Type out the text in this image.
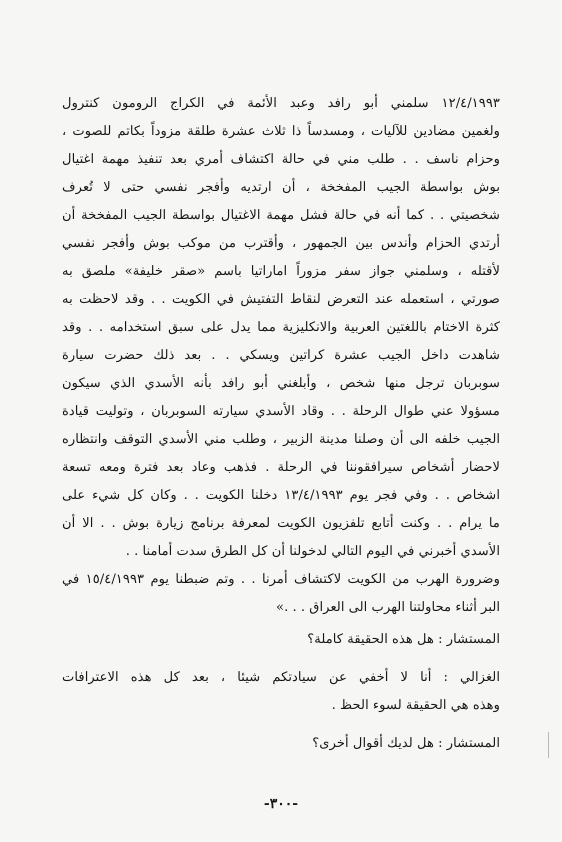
١٢/٤/١٩٩٣ سلمني أبو رافد وعبد الأئمة في الكراج الرومون كنترول
ولغمين مضادين للآليات ، ومسدساً ذا ثلاث عشرة طلقة مزوداً بكاتم للصوت ،
وحزام ناسف . . طلب مني في حالة اكتشاف أمري بعد تنفيذ مهمة اغتيال
بوش بواسطة الجيب المفخخة ، أن ارتديه وأفجر نفسي حتى لا تُعرف
شخصيتي . . كما أنه في حالة فشل مهمة الاغتيال بواسطة الجيب المفخخة أن
أرتدي الحزام وأندس بين الجمهور ، وأقترب من موكب بوش وأفجر نفسي
لأقتله ، وسلمني جواز سفر مزوراً اماراتيا باسم «صقر خليفة» ملصق به
صورتي ، استعمله عند التعرض لنقاط التفتيش في الكويت . . وقد لاحظت به
كثرة الاختام باللغتين العربية والانكليزية مما يدل على سبق استخدامه . . وقد
شاهدت داخل الجيب عشرة كراتين ويسكي . . بعد ذلك حضرت سيارة
سوبربان ترجل منها شخص ، وأبلغني أبو رافد بأنه الأسدي الذي سيكون
مسؤولا عني طوال الرحلة . . وقاد الأسدي سيارته السوبربان ، وتوليت قيادة
الجيب خلفه الى أن وصلنا مدينة الزبير ، وطلب مني الأسدي التوقف وانتظاره
لاحضار أشخاص سيرافقوننا في الرحلة . فذهب وعاد بعد فترة ومعه تسعة
اشخاص . . وفي فجر يوم ١٣/٤/١٩٩٣ دخلنا الكويت . . وكان كل شيء على
ما يرام . . وكنت أتابع تلفزيون الكويت لمعرفة برنامج زيارة بوش . . الا أن
الأسدي أخبرني في اليوم التالي لدخولنا أن كل الطرق سدت أمامنا . .
وضرورة الهرب من الكويت لاكتشاف أمرنا . . وتم ضبطنا يوم ١٥/٤/١٩٩٣ في
البر أثناء محاولتنا الهرب الى العراق . . .»
المستشار : هل هذه الحقيقة كاملة؟
الغزالي : أنا لا أخفي عن سيادتكم شيئا ، بعد كل هذه الاعترافات
وهذه هي الحقيقة لسوء الحظ .
المستشار : هل لديك أقوال أخرى؟
-٣٠٠-
